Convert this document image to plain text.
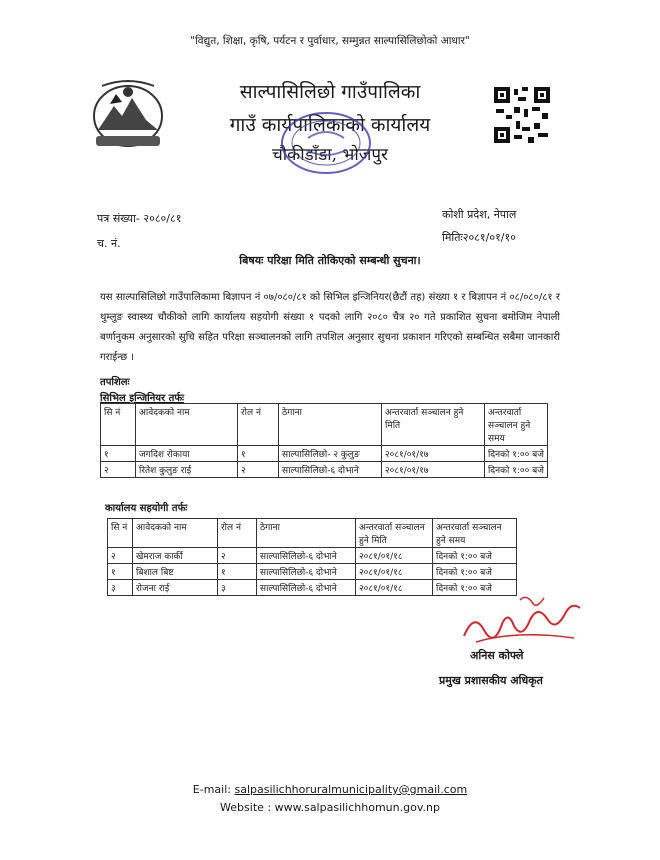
"विद्युत, शिक्षा, कृषि, पर्यटन र पुर्वाधार, सम्मुन्नत साल्पासिलिछोको आधार"
साल्पासिलिछो गाउँपालिका
गाउँ कार्यपालिकाको कार्यालय
चौकीडाँडा, भोजपुर
पत्र संख्या- २०८०/८१
च. नं.
कोशी प्रदेश, नेपाल
मितिः२०८१/०१/१०
बिषयः परिक्षा मिति तोकिएको सम्बन्धी सुचना।
यस साल्पासिलिछो गाउँपालिकामा बिज्ञापन नं ०७/०८०/८१ को सिभिल इन्जिनियर(छैटौं तह) संख्या १ र बिज्ञापन नं ०८/०८०/८१ र थुम्लुङ स्वास्थ्य चौकीको लागि कार्यालय सहयोगी संख्या १ पदको लागि २०८० चैत्र २० गते प्रकाशित सुचना बमोजिम नेपाली बर्णानुकम अनुसारको सुचि सहित परिक्षा सञ्चालनको लागि तपशिल अनुसार सुचना प्रकाशन गरिएको सम्बन्धित सबैमा जानकारी गराईन्छ ।
तपशिलः
सिभिल इन्जिनियर तर्फः
सि नं	आवेदकको नाम	रोल नं	ठेगाना	अन्तरवार्ता सञ्चालन हुने मिति	अन्तरवार्ता सञ्चालन हुने समय
१	जगदिश रोकाया	१	साल्पासिलिछो- २ कुलुङ	२०८१/०१/१७	दिनको १:०० बजे
२	रितेश कुलुङ राई	२	साल्पासिलिछो-६ दोभाने	२०८१/०१/१७	दिनको १:०० बजे
कार्यालय सहयोगी तर्फः
सि नं	आवेदकको नाम	रोल नं	ठेगाना	अन्तरवार्ता सञ्चालन हुने मिति	अन्तरवार्ता सञ्चालन हुने समय
२	खेमराज कार्की	२	साल्पासिलिछो-६ दोभाने	२०८१/०१/१८	दिनको १:०० बजे
१	बिशाल बिष्ट	१	साल्पासिलिछो-६ दोभाने	२०८१/०१/१८	दिनको १:०० बजे
३	रोजना राई	३	साल्पासिलिछो-६ दोभाने	२०८१/०१/१८	दिनको १:०० बजे
अनिस कोफ्ले
प्रमुख प्रशासकीय अधिकृत
E-mail: salpasilichhoruralmunicipality@gmail.com
Website : www.salpasilichhomun.gov.np
